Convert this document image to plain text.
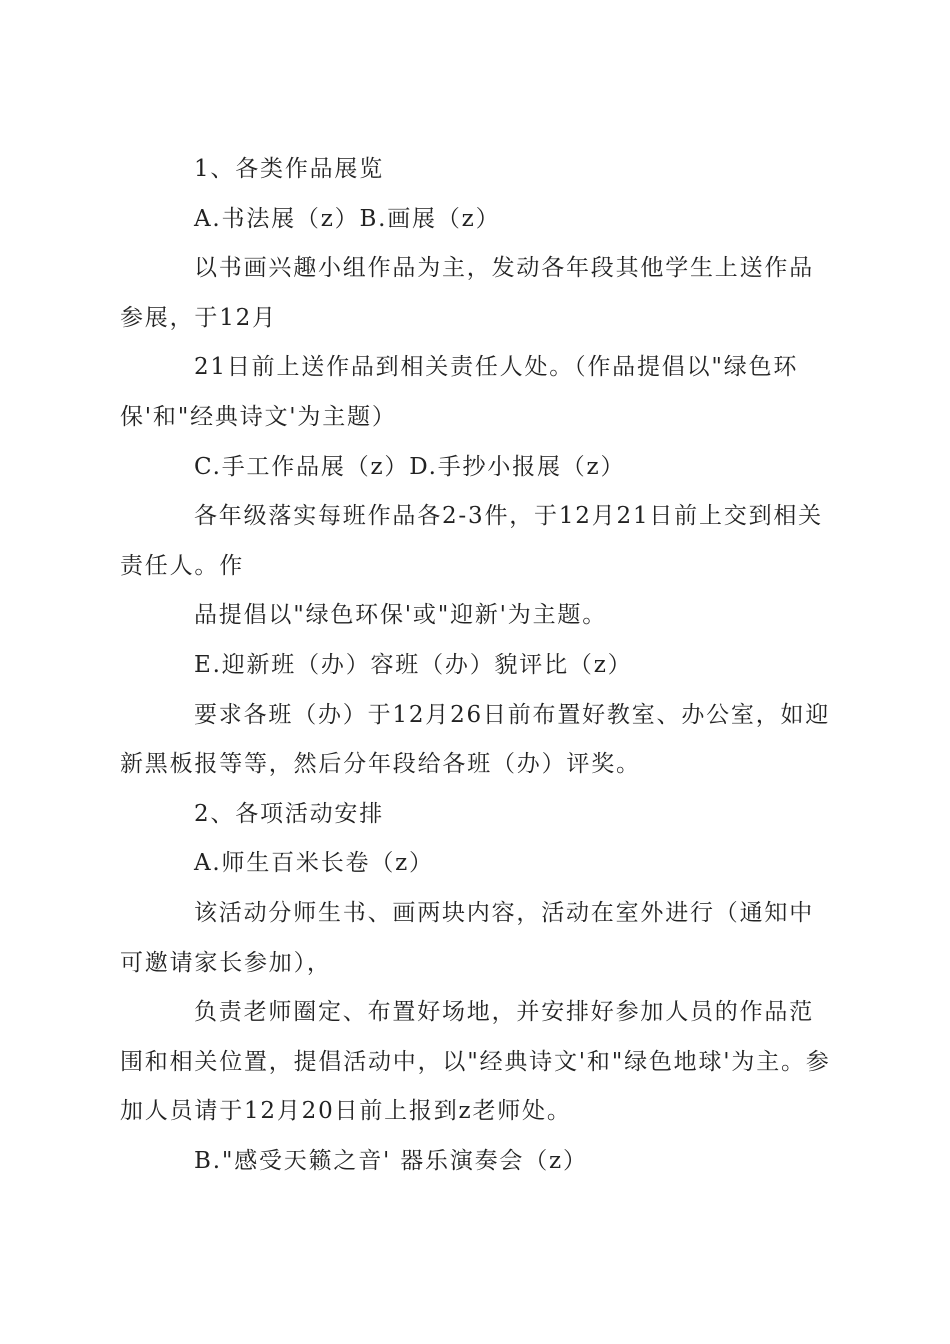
1、各类作品展览

A.书法展（z）B.画展（z）

以书画兴趣小组作品为主，发动各年段其他学生上送作品参展，于12月

21日前上送作品到相关责任人处。（作品提倡以"绿色环保'和"经典诗文'为主题）

C.手工作品展（z）D.手抄小报展（z）

各年级落实每班作品各2-3件，于12月21日前上交到相关责任人。作

品提倡以"绿色环保'或"迎新'为主题。

E.迎新班（办）容班（办）貌评比（z）

要求各班（办）于12月26日前布置好教室、办公室，如迎新黑板报等等，然后分年段给各班（办）评奖。

2、各项活动安排

A.师生百米长卷（z）

该活动分师生书、画两块内容，活动在室外进行（通知中可邀请家长参加），

负责老师圈定、布置好场地，并安排好参加人员的作品范围和相关位置，提倡活动中，以"经典诗文'和"绿色地球'为主。参加人员请于12月20日前上报到z老师处。

B."感受天籁之音' 器乐演奏会（z）
